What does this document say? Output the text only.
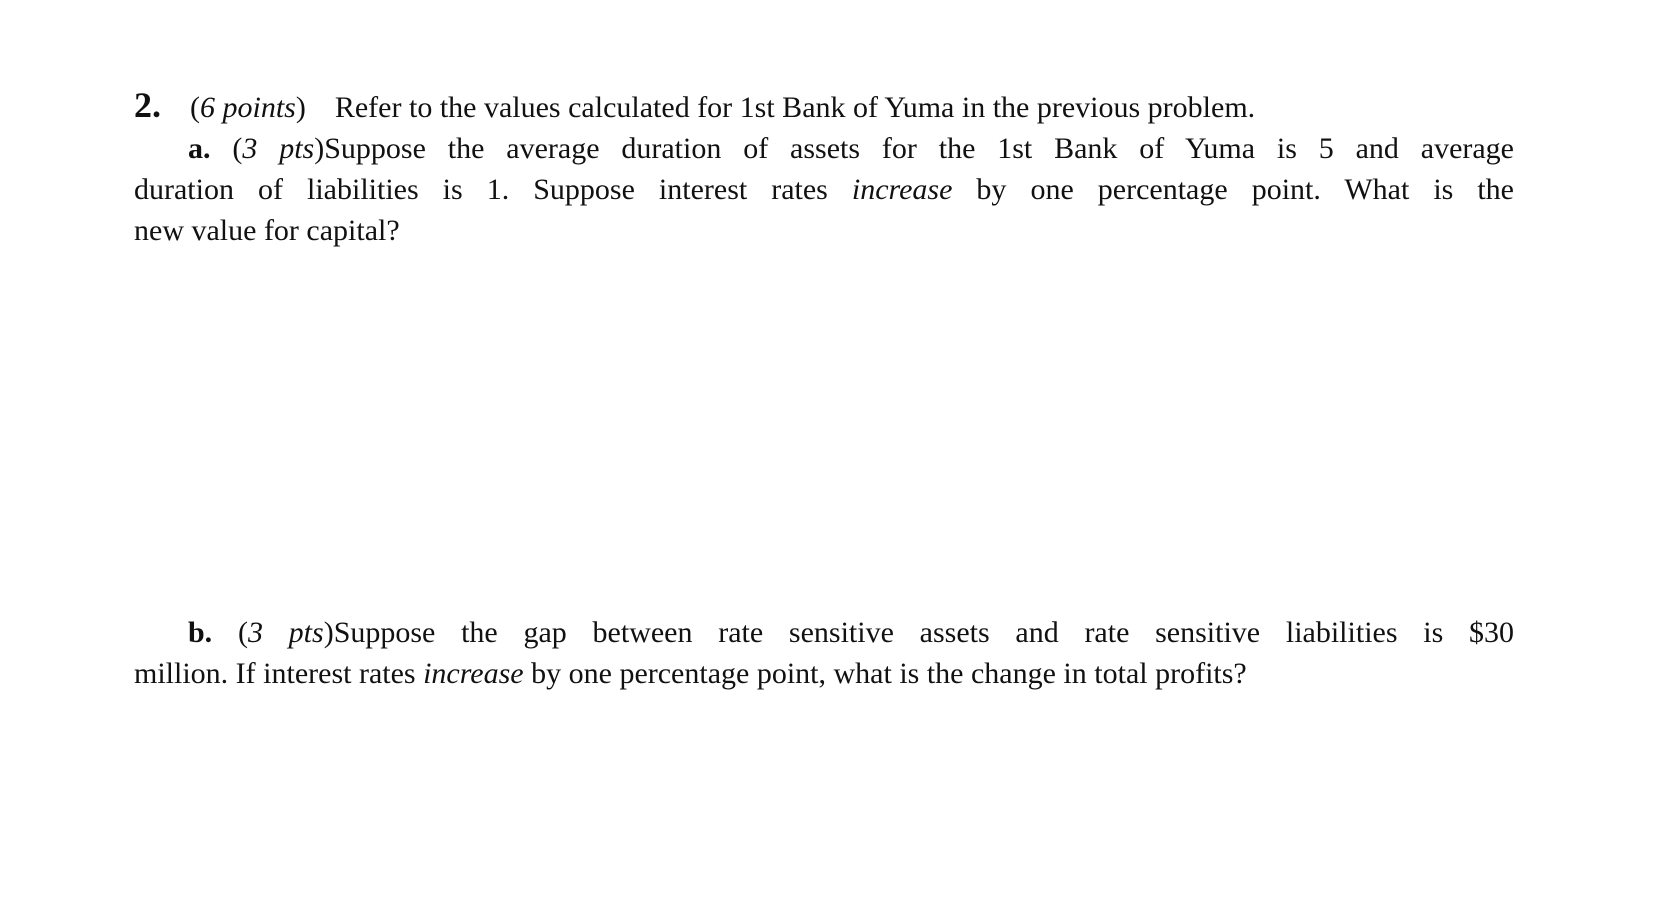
2. (6 points) Refer to the values calculated for 1st Bank of Yuma in the previous problem.
a. (3 pts)Suppose the average duration of assets for the 1st Bank of Yuma is 5 and average
duration of liabilities is 1. Suppose interest rates increase by one percentage point. What is the
new value for capital?
b. (3 pts)Suppose the gap between rate sensitive assets and rate sensitive liabilities is $30
million. If interest rates increase by one percentage point, what is the change in total profits?
